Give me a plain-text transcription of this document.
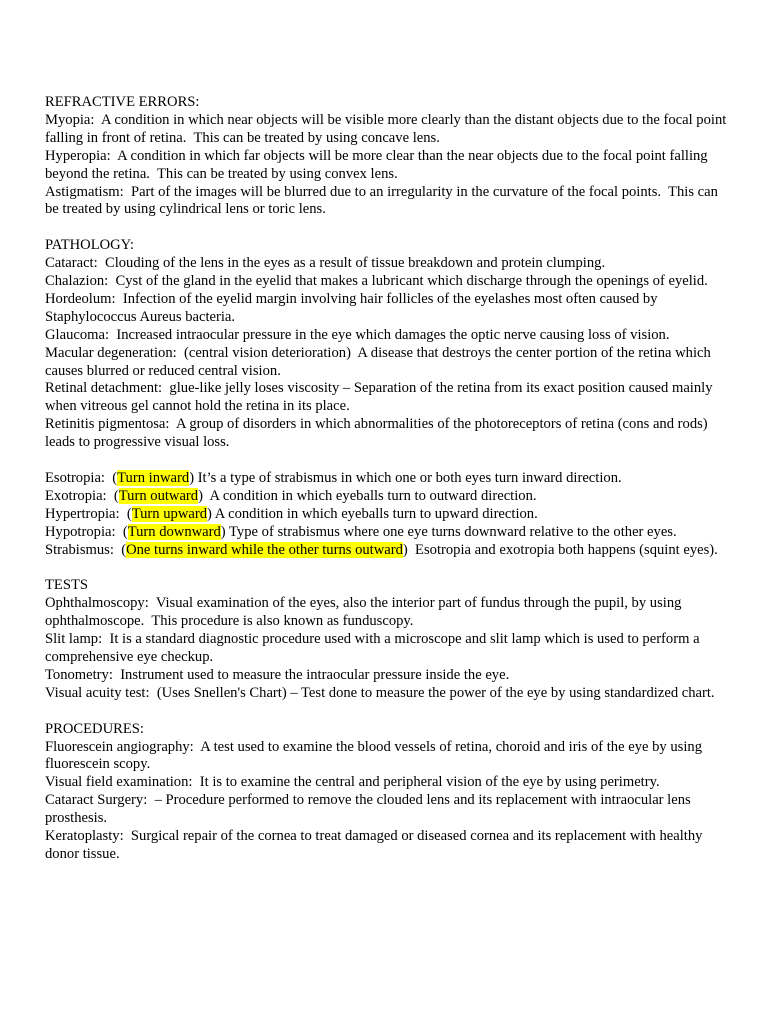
REFRACTIVE ERRORS:
Myopia:  A condition in which near objects will be visible more clearly than the distant objects due to the focal point falling in front of retina.  This can be treated by using concave lens.
Hyperopia:  A condition in which far objects will be more clear than the near objects due to the focal point falling beyond the retina.  This can be treated by using convex lens.
Astigmatism:  Part of the images will be blurred due to an irregularity in the curvature of the focal points.  This can be treated by using cylindrical lens or toric lens.
PATHOLOGY:
Cataract:  Clouding of the lens in the eyes as a result of tissue breakdown and protein clumping.
Chalazion:  Cyst of the gland in the eyelid that makes a lubricant which discharge through the openings of eyelid.
Hordeolum:  Infection of the eyelid margin involving hair follicles of the eyelashes most often caused by Staphylococcus Aureus bacteria.
Glaucoma:  Increased intraocular pressure in the eye which damages the optic nerve causing loss of vision.
Macular degeneration:  (central vision deterioration)  A disease that destroys the center portion of the retina which causes blurred or reduced central vision.
Retinal detachment:  glue-like jelly loses viscosity – Separation of the retina from its exact position caused mainly when vitreous gel cannot hold the retina in its place.
Retinitis pigmentosa:  A group of disorders in which abnormalities of the photoreceptors of retina (cons and rods) leads to progressive visual loss.
Esotropia:  (Turn inward) It’s a type of strabismus in which one or both eyes turn inward direction.
Exotropia:  (Turn outward)  A condition in which eyeballs turn to outward direction.
Hypertropia:  (Turn upward) A condition in which eyeballs turn to upward direction.
Hypotropia:  (Turn downward) Type of strabismus where one eye turns downward relative to the other eyes.
Strabismus:  (One turns inward while the other turns outward)  Esotropia and exotropia both happens (squint eyes).
TESTS
Ophthalmoscopy:  Visual examination of the eyes, also the interior part of fundus through the pupil, by using ophthalmoscope.  This procedure is also known as funduscopy.
Slit lamp:  It is a standard diagnostic procedure used with a microscope and slit lamp which is used to perform a comprehensive eye checkup.
Tonometry:  Instrument used to measure the intraocular pressure inside the eye.
Visual acuity test:  (Uses Snellen's Chart) – Test done to measure the power of the eye by using standardized chart.
PROCEDURES:
Fluorescein angiography:  A test used to examine the blood vessels of retina, choroid and iris of the eye by using fluorescein scopy.
Visual field examination:  It is to examine the central and peripheral vision of the eye by using perimetry.
Cataract Surgery:  – Procedure performed to remove the clouded lens and its replacement with intraocular lens prosthesis.
Keratoplasty:  Surgical repair of the cornea to treat damaged or diseased cornea and its replacement with healthy donor tissue.
